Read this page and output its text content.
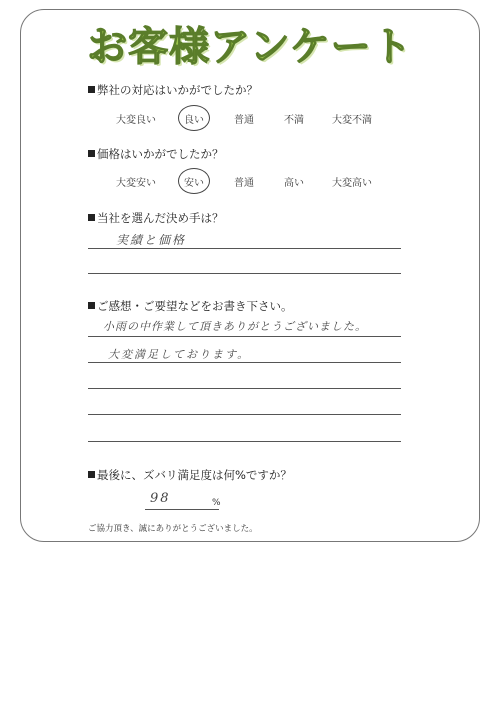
お客様アンケート
弊社の対応はいかがでしたか？
大変良い	良い	普通	不満	大変不満
価格はいかがでしたか？
大変安い	安い	普通	高い	大変高い
当社を選んだ決め手は？
実績と価格
ご感想・ご要望などをお書き下さい。
小雨の中作業して頂きありがとうございました。
大変満足しております。
最後に、ズバリ満足度は何%ですか？
98	%
ご協力頂き、誠にありがとうございました。
